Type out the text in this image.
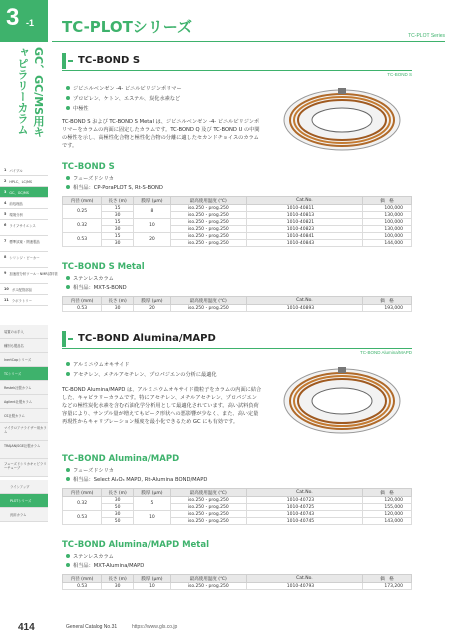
3 -1 TC-PLOTシリーズ	TC-PLOT Series
GC、GC/MS用キャピラリーカラム
1 パイプル
2 HPLC、LC/MS
3 GC、GC/MS
4 前処理品
5 環境分析
6 ライフサイエンス
7 標準試薬・関連製品
8 シリンジ・ビーカー
9 加速度分析ツール・NMR試料管
10 ガス配管部品
11 ラボラトリー
装置のお手入
種別も製品名
InertCapシリーズ
TCシリーズ
Restek社製カラム
Agilent社製カラム
CS社製カラム
マイクロアナライザー用カラム
TRAJAN/SGE社製カラム
フューズドシリカキャピラリーチューブ
ラインアップ
PLOTシリーズ
汎用カラム
TC-BOND S
TC-BOND S
ジビニルベンゼン -4- ビニルピリジンポリマー
プロピレン、ケトン、エステル、炭化水素など
中極性
TC-BOND S および TC-BOND S Metal は、ジビニルベンゼン -4- ビニルピリジンポリマーをカラムの内面に固定したカラムです。TC-BOND Q 及び TC-BOND U の中間の極性を示し、高極性化合物と極性化合物の分離に適したセカンドチョイスのカラムです。
TC-BOND S
フューズドシリカ
相当品：CP-PoraPLOT S, Rt-S-BOND
内径 (mm)	長さ (m)	膜厚 (μm)	最高使用温度 (℃)	Cat.No.	価　格
0.25	15	8	iso.250・prog.250	1010-40811	100,000
	30		iso.250・prog.250	1010-40813	130,000
0.32	15	10	iso.250・prog.250	1010-40821	100,000
	30		iso.250・prog.250	1010-40823	130,000
0.53	15	20	iso.250・prog.250	1010-40841	100,000
	30		iso.250・prog.250	1010-40843	144,000
TC-BOND S Metal
ステンレスカラム
相当品：MXT-S-BOND
内径 (mm)	長さ (m)	膜厚 (μm)	最高使用温度 (℃)	Cat.No.	価　格
0.53	30	20	iso.250・prog.250	1010-40893	193,000
TC-BOND Alumina/MAPD
TC-BOND Alumina/MAPD
アルミニウムオキサイド
アセチレン、メチルアセチレン、プロパジエンの分析に最適化
TC-BOND Alumina/MAPD は、アルミニウムオキサイド微粒子をカラムの内面に結合した、キャピラリーカラムです。特にアセチレン、メチルアセチレン、プロパジエンなどの極性炭化水素を含む石油化学分析用として最適化されています。高い試料負荷容量により、サンプル量が増えてもピーク形状への悪影響が少なく、また、高い定量再現性からキャリブレーション頻度を最小化できるため GC にも有効です。
TC-BOND Alumina/MAPD
フューズドシリカ
相当品：Select Al₂O₃ MAPD, Rt-Alumina BOND/MAPD
内径 (mm)	長さ (m)	膜厚 (μm)	最高使用温度 (℃)	Cat.No.	価　格
0.32	30	5	iso.250・prog.250	1010-40723	120,000
	50		iso.250・prog.250	1010-40725	155,000
0.53	30	10	iso.250・prog.250	1010-40743	120,000
	50		iso.250・prog.250	1010-40745	143,000
TC-BOND Alumina/MAPD Metal
ステンレスカラム
相当品：MXT-Alumina/MAPD
内径 (mm)	長さ (m)	膜厚 (μm)	最高使用温度 (℃)	Cat.No.	価　格
0.53	30	10	iso.250・prog.250	1010-40793	173,200
414	General Catalog No.31	https://www.gls.co.jp
